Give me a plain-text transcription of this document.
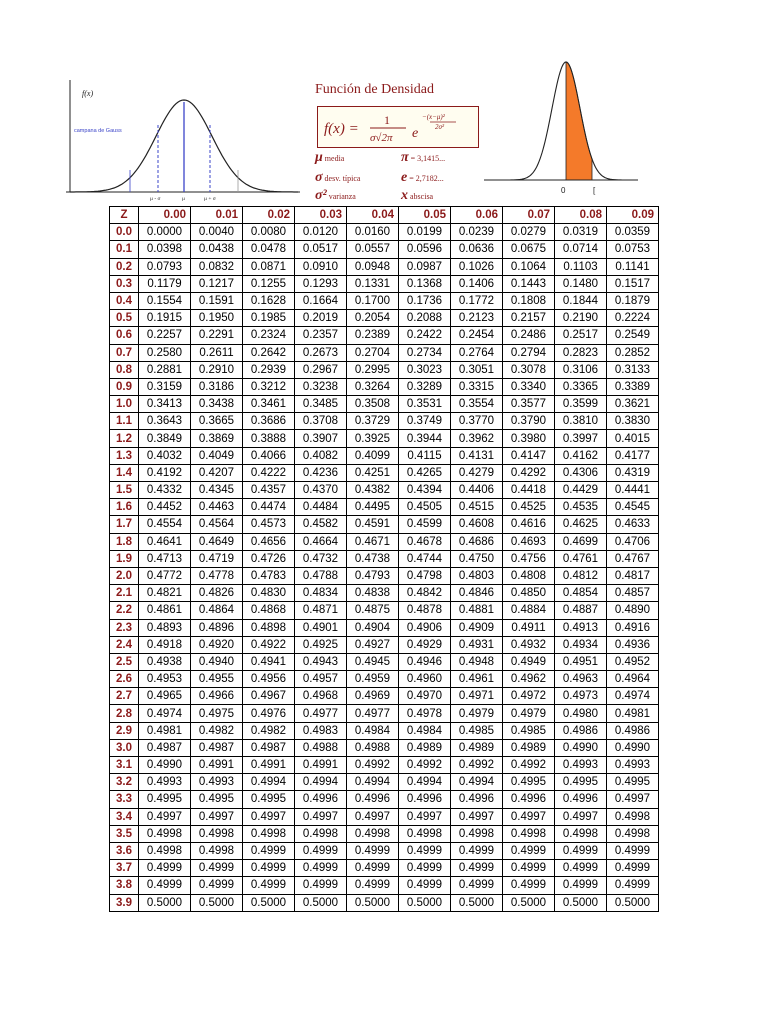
f(x)
campana de Gauss
μ - σ	μ	μ + σ
Función de Densidad
f(x) =
1
σ√2π e
−(x−μ)²
2σ²
μ media	π = 3,1415...
σ desv. típica	e = 2,7182...
σ² varianza	x abscisa
0	[
Z	0.00	0.01	0.02	0.03	0.04	0.05	0.06	0.07	0.08	0.09
0.0	0.0000	0.0040	0.0080	0.0120	0.0160	0.0199	0.0239	0.0279	0.0319	0.0359
0.1	0.0398	0.0438	0.0478	0.0517	0.0557	0.0596	0.0636	0.0675	0.0714	0.0753
0.2	0.0793	0.0832	0.0871	0.0910	0.0948	0.0987	0.1026	0.1064	0.1103	0.1141
0.3	0.1179	0.1217	0.1255	0.1293	0.1331	0.1368	0.1406	0.1443	0.1480	0.1517
0.4	0.1554	0.1591	0.1628	0.1664	0.1700	0.1736	0.1772	0.1808	0.1844	0.1879
0.5	0.1915	0.1950	0.1985	0.2019	0.2054	0.2088	0.2123	0.2157	0.2190	0.2224
0.6	0.2257	0.2291	0.2324	0.2357	0.2389	0.2422	0.2454	0.2486	0.2517	0.2549
0.7	0.2580	0.2611	0.2642	0.2673	0.2704	0.2734	0.2764	0.2794	0.2823	0.2852
0.8	0.2881	0.2910	0.2939	0.2967	0.2995	0.3023	0.3051	0.3078	0.3106	0.3133
0.9	0.3159	0.3186	0.3212	0.3238	0.3264	0.3289	0.3315	0.3340	0.3365	0.3389
1.0	0.3413	0.3438	0.3461	0.3485	0.3508	0.3531	0.3554	0.3577	0.3599	0.3621
1.1	0.3643	0.3665	0.3686	0.3708	0.3729	0.3749	0.3770	0.3790	0.3810	0.3830
1.2	0.3849	0.3869	0.3888	0.3907	0.3925	0.3944	0.3962	0.3980	0.3997	0.4015
1.3	0.4032	0.4049	0.4066	0.4082	0.4099	0.4115	0.4131	0.4147	0.4162	0.4177
1.4	0.4192	0.4207	0.4222	0.4236	0.4251	0.4265	0.4279	0.4292	0.4306	0.4319
1.5	0.4332	0.4345	0.4357	0.4370	0.4382	0.4394	0.4406	0.4418	0.4429	0.4441
1.6	0.4452	0.4463	0.4474	0.4484	0.4495	0.4505	0.4515	0.4525	0.4535	0.4545
1.7	0.4554	0.4564	0.4573	0.4582	0.4591	0.4599	0.4608	0.4616	0.4625	0.4633
1.8	0.4641	0.4649	0.4656	0.4664	0.4671	0.4678	0.4686	0.4693	0.4699	0.4706
1.9	0.4713	0.4719	0.4726	0.4732	0.4738	0.4744	0.4750	0.4756	0.4761	0.4767
2.0	0.4772	0.4778	0.4783	0.4788	0.4793	0.4798	0.4803	0.4808	0.4812	0.4817
2.1	0.4821	0.4826	0.4830	0.4834	0.4838	0.4842	0.4846	0.4850	0.4854	0.4857
2.2	0.4861	0.4864	0.4868	0.4871	0.4875	0.4878	0.4881	0.4884	0.4887	0.4890
2.3	0.4893	0.4896	0.4898	0.4901	0.4904	0.4906	0.4909	0.4911	0.4913	0.4916
2.4	0.4918	0.4920	0.4922	0.4925	0.4927	0.4929	0.4931	0.4932	0.4934	0.4936
2.5	0.4938	0.4940	0.4941	0.4943	0.4945	0.4946	0.4948	0.4949	0.4951	0.4952
2.6	0.4953	0.4955	0.4956	0.4957	0.4959	0.4960	0.4961	0.4962	0.4963	0.4964
2.7	0.4965	0.4966	0.4967	0.4968	0.4969	0.4970	0.4971	0.4972	0.4973	0.4974
2.8	0.4974	0.4975	0.4976	0.4977	0.4977	0.4978	0.4979	0.4979	0.4980	0.4981
2.9	0.4981	0.4982	0.4982	0.4983	0.4984	0.4984	0.4985	0.4985	0.4986	0.4986
3.0	0.4987	0.4987	0.4987	0.4988	0.4988	0.4989	0.4989	0.4989	0.4990	0.4990
3.1	0.4990	0.4991	0.4991	0.4991	0.4992	0.4992	0.4992	0.4992	0.4993	0.4993
3.2	0.4993	0.4993	0.4994	0.4994	0.4994	0.4994	0.4994	0.4995	0.4995	0.4995
3.3	0.4995	0.4995	0.4995	0.4996	0.4996	0.4996	0.4996	0.4996	0.4996	0.4997
3.4	0.4997	0.4997	0.4997	0.4997	0.4997	0.4997	0.4997	0.4997	0.4997	0.4998
3.5	0.4998	0.4998	0.4998	0.4998	0.4998	0.4998	0.4998	0.4998	0.4998	0.4998
3.6	0.4998	0.4998	0.4999	0.4999	0.4999	0.4999	0.4999	0.4999	0.4999	0.4999
3.7	0.4999	0.4999	0.4999	0.4999	0.4999	0.4999	0.4999	0.4999	0.4999	0.4999
3.8	0.4999	0.4999	0.4999	0.4999	0.4999	0.4999	0.4999	0.4999	0.4999	0.4999
3.9	0.5000	0.5000	0.5000	0.5000	0.5000	0.5000	0.5000	0.5000	0.5000	0.5000
